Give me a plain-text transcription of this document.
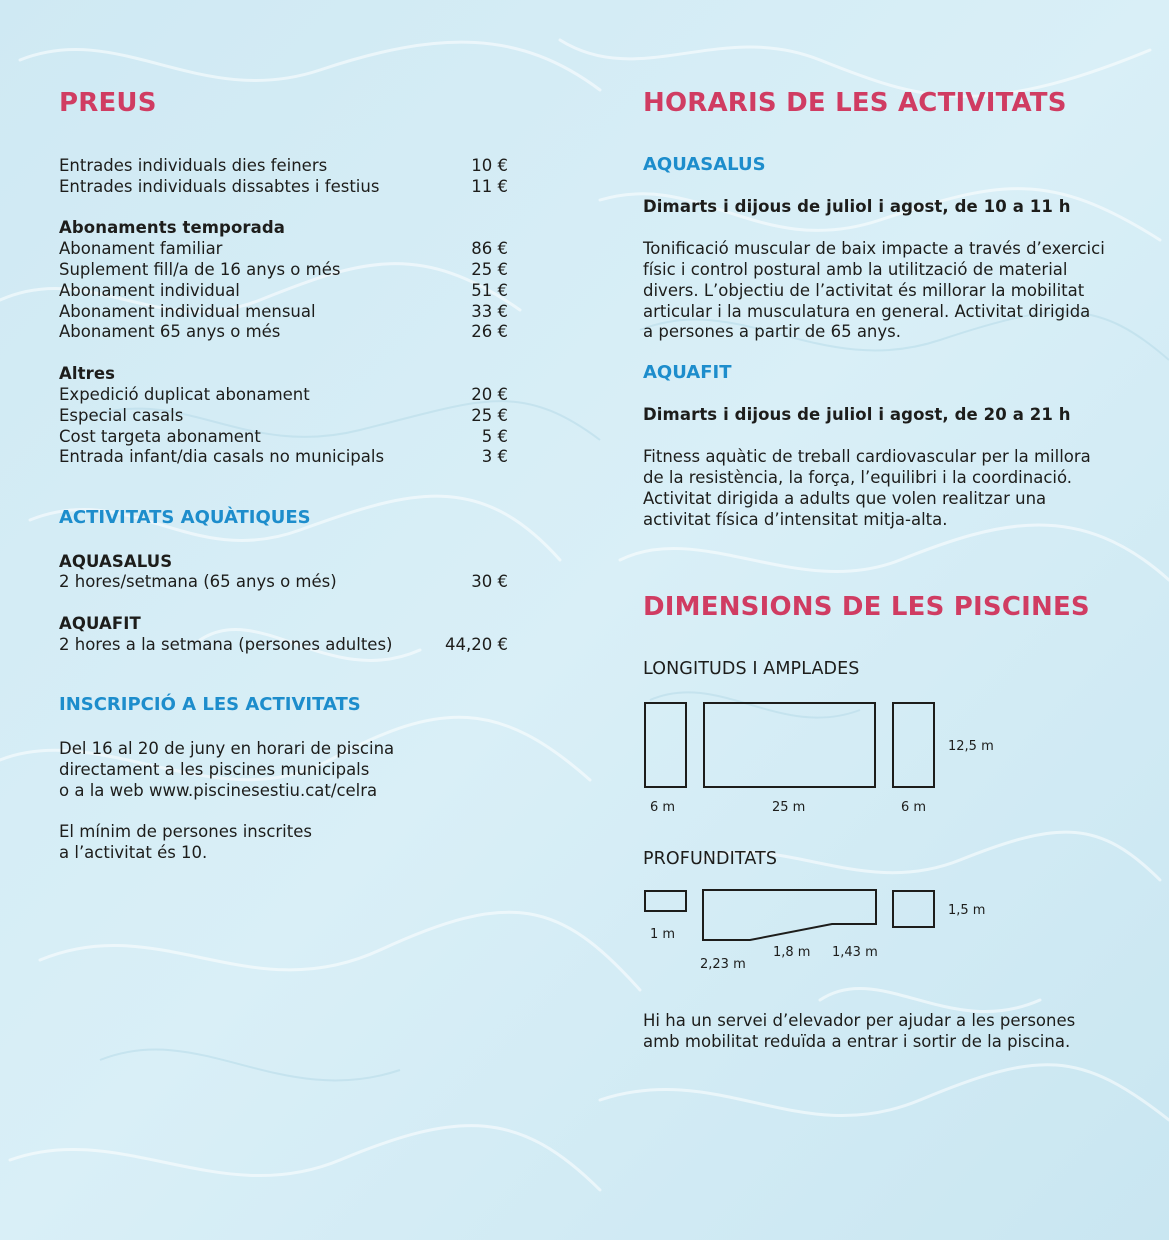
PREUS
Entrades individuals dies feiners	10 €
Entrades individuals dissabtes i festius	11 €
Abonaments temporada
Abonament familiar	86 €
Suplement fill/a de 16 anys o més	25 €
Abonament individual	51 €
Abonament individual mensual	33 €
Abonament 65 anys o més	26 €
Altres
Expedició duplicat abonament	20 €
Especial casals	25 €
Cost targeta abonament	5 €
Entrada infant/dia casals no municipals	3 €
ACTIVITATS AQUÀTIQUES
AQUASALUS
2 hores/setmana (65 anys o més)	30 €
AQUAFIT
2 hores a la setmana (persones adultes)	44,20 €
INSCRIPCIÓ A LES ACTIVITATS
Del 16 al 20 de juny en horari de piscina
directament a les piscines municipals
o a la web www.piscinesestiu.cat/celra
El mínim de persones inscrites
a l’activitat és 10.
HORARIS DE LES ACTIVITATS
AQUASALUS
Dimarts i dijous de juliol i agost, de 10 a 11 h
Tonificació muscular de baix impacte a través d’exercici
físic i control postural amb la utilització de material
divers. L’objectiu de l’activitat és millorar la mobilitat
articular i la musculatura en general. Activitat dirigida
a persones a partir de 65 anys.
AQUAFIT
Dimarts i dijous de juliol i agost, de 20 a 21 h
Fitness aquàtic de treball cardiovascular per la millora
de la resistència, la força, l’equilibri i la coordinació.
Activitat dirigida a adults que volen realitzar una
activitat física d’intensitat mitja-alta.
DIMENSIONS DE LES PISCINES
LONGITUDS I AMPLADES
12,5 m
6 m	25 m	6 m
PROFUNDITATS
1,5 m
1 m
2,23 m
1,8 m 1,43 m
Hi ha un servei d’elevador per ajudar a les persones
amb mobilitat reduïda a entrar i sortir de la piscina.
